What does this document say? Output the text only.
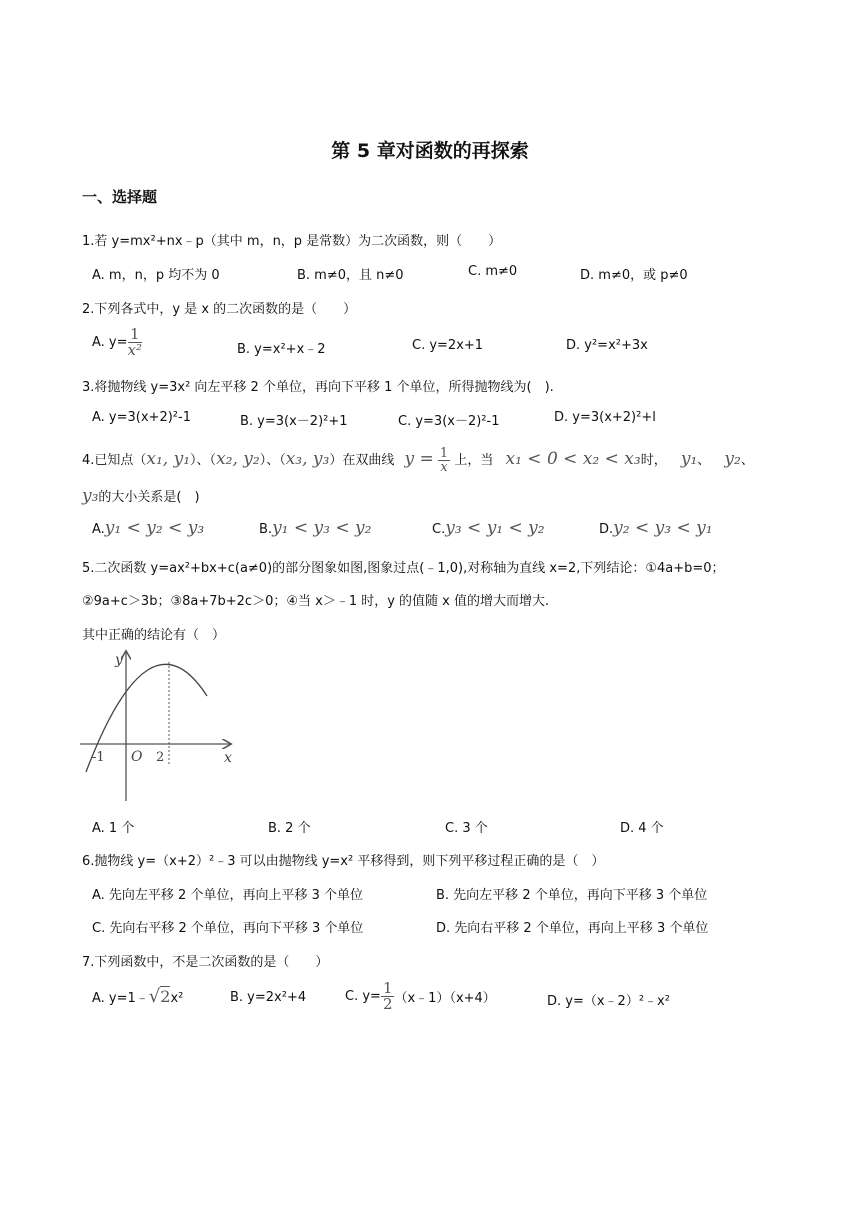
第 5 章对函数的再探索
一、选择题
1.若 y=mx²+nx﹣p（其中 m，n，p 是常数）为二次函数，则（　　）
A. m，n，p 均不为 0	B. m≠0，且 n≠0	C. m≠0	D. m≠0，或 p≠0
2.下列各式中，y 是 x 的二次函数的是（　　）
A. $y= \frac{1}{\text{x²}}$	B. y=x²+x﹣2	C. y=2x+1	D. y²=x²+3x
3.将抛物线 y=3x² 向左平移 2 个单位，再向下平移 1 个单位，所得抛物线为(　).
A. y=3(x+2)²-1	B. y=3(x－2)²+1	C. y=3(x－2)²-1	D. y=3(x+2)²+l
4.已知点（x₁, y₁）、（x₂, y₂）、（x₃, y₃）在双曲线 $y = \frac{1}{x}$ 上，当 x₁ < 0 < x₂ < x₃时， y₁、 y₂、
y₃的大小关系是(　)
A.y₁ < y₂ < y₃	B.y₁ < y₃ < y₂	C.y₃ < y₁ < y₂	D.y₂ < y₃ < y₁
5.二次函数 y=ax²+bx+c(a≠0)的部分图象如图,图象过点(﹣1,0),对称轴为直线 x=2,下列结论：①4a+b=0；
②9a+c＞3b；③8a+7b+2c＞0；④当 x＞﹣1 时，y 的值随 x 值的增大而增大.
其中正确的结论有（　）
y
x
O
-1	2
A. 1 个	B. 2 个	C. 3 个	D. 4 个
6.抛物线 y=（x+2）²﹣3 可以由抛物线 y=x² 平移得到，则下列平移过程正确的是（　）
A. 先向左平移 2 个单位，再向上平移 3 个单位	B. 先向左平移 2 个单位，再向下平移 3 个单位
C. 先向右平移 2 个单位，再向下平移 3 个单位	D. 先向右平移 2 个单位，再向上平移 3 个单位
7.下列函数中，不是二次函数的是（　　）
A. y=1﹣√2x²	B. y=2x²+4	C. $y= \frac{1}{2}$ （x﹣1）（x+4）	D. y=（x﹣2）²﹣x²
